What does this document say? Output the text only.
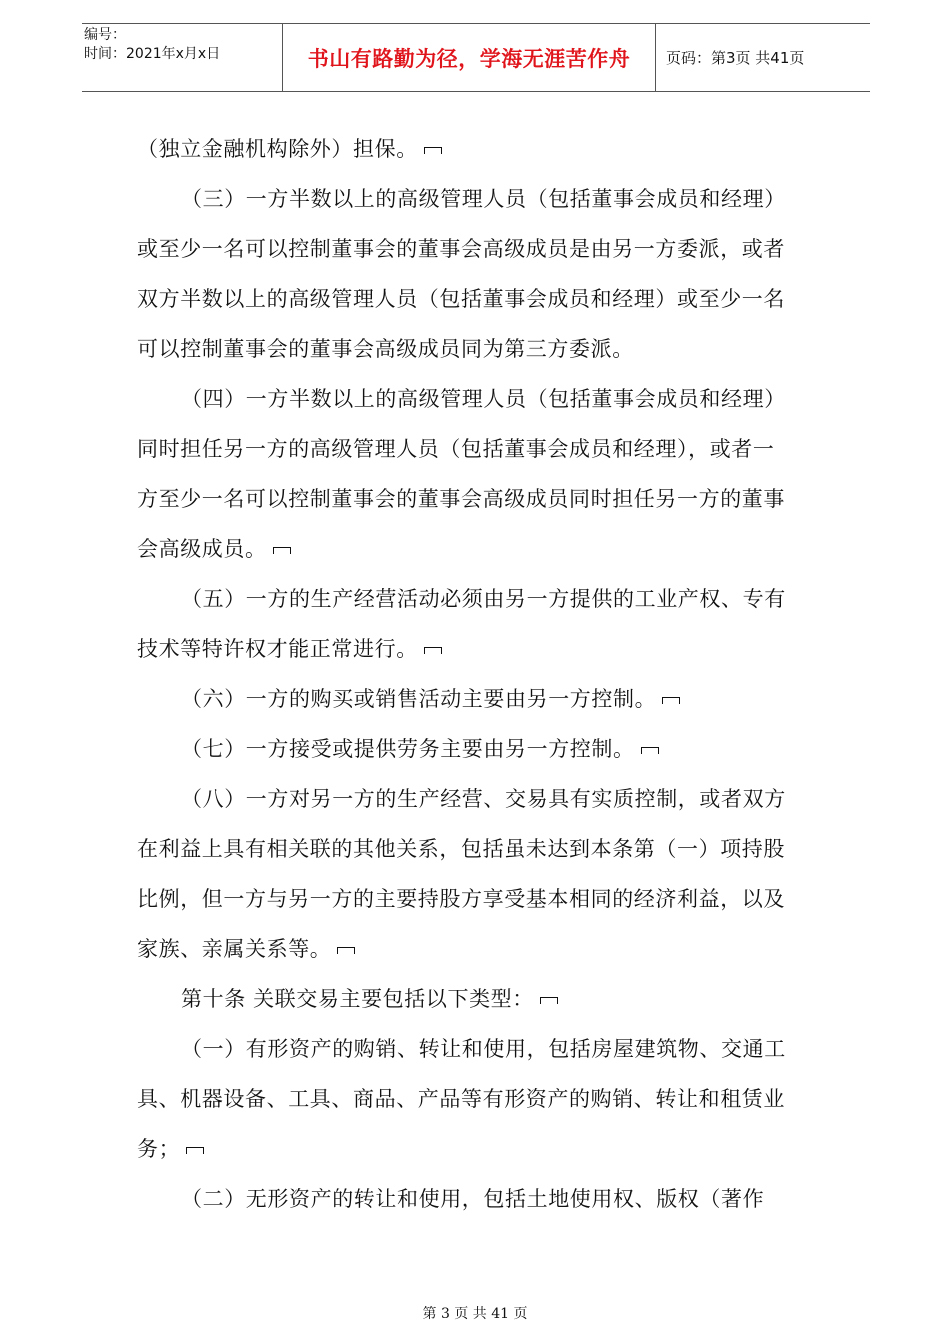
编号：
时间：2021年x月x日	书山有路勤为径，学海无涯苦作舟	页码：第3页 共41页
（独立金融机构除外）担保。
（三）一方半数以上的高级管理人员（包括董事会成员和经理）
或至少一名可以控制董事会的董事会高级成员是由另一方委派，或者
双方半数以上的高级管理人员（包括董事会成员和经理）或至少一名
可以控制董事会的董事会高级成员同为第三方委派。
（四）一方半数以上的高级管理人员（包括董事会成员和经理）
同时担任另一方的高级管理人员（包括董事会成员和经理），或者一
方至少一名可以控制董事会的董事会高级成员同时担任另一方的董事
会高级成员。
（五）一方的生产经营活动必须由另一方提供的工业产权、专有
技术等特许权才能正常进行。
（六）一方的购买或销售活动主要由另一方控制。
（七）一方接受或提供劳务主要由另一方控制。
（八）一方对另一方的生产经营、交易具有实质控制，或者双方
在利益上具有相关联的其他关系，包括虽未达到本条第（一）项持股
比例，但一方与另一方的主要持股方享受基本相同的经济利益，以及
家族、亲属关系等。
第十条 关联交易主要包括以下类型：
（一）有形资产的购销、转让和使用，包括房屋建筑物、交通工
具、机器设备、工具、商品、产品等有形资产的购销、转让和租赁业
务；
（二）无形资产的转让和使用，包括土地使用权、版权（著作
第 3 页 共 41 页
